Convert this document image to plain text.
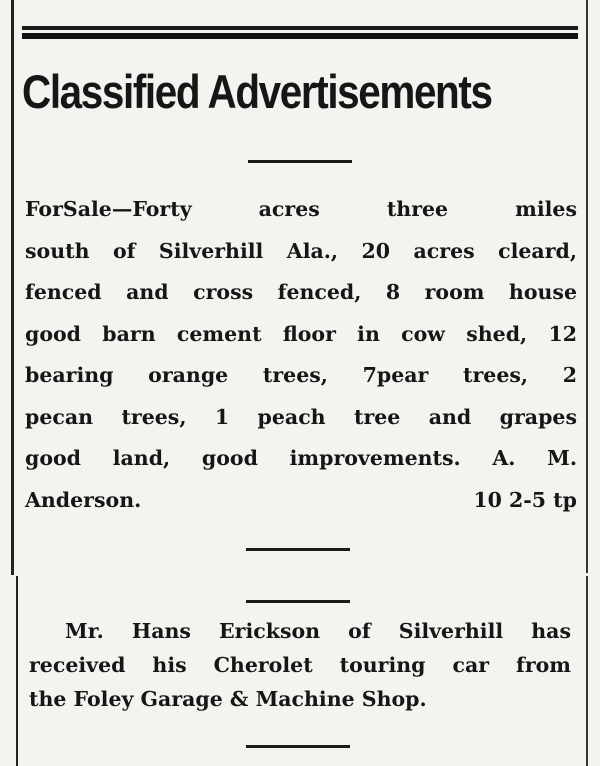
Classified Advertisements
ForSale—Forty acres three miles
south of Silverhill Ala., 20 acres cleard,
fenced and cross fenced, 8 room house
good barn cement floor in cow shed, 12
bearing orange trees, 7pear trees, 2
pecan trees, 1 peach tree and grapes
good land, good improvements. A. M.
Anderson.	10 2-5 tp
Mr. Hans Erickson of Silverhill has
received his Cherolet touring car from
the Foley Garage & Machine Shop.
